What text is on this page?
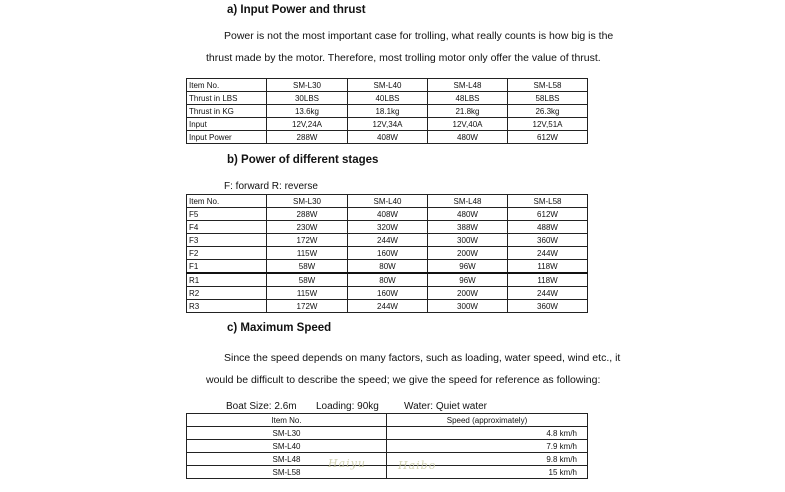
a) Input Power and thrust
Power is not the most important case for trolling, what really counts is how big is the
thrust made by the motor. Therefore, most trolling motor only offer the value of thrust.
Item No.	SM-L30	SM-L40	SM-L48	SM-L58
Thrust in LBS	30LBS	40LBS	48LBS	58LBS
Thrust in KG	13.6kg	18.1kg	21.8kg	26.3kg
Input	12V,24A	12V,34A	12V,40A	12V,51A
Input Power	288W	408W	480W	612W
b) Power of different stages
F: forward R: reverse
Item No.	SM-L30	SM-L40	SM-L48	SM-L58
F5	288W	408W	480W	612W
F4	230W	320W	388W	488W
F3	172W	244W	300W	360W
F2	115W	160W	200W	244W
F1	58W	80W	96W	118W
R1	58W	80W	96W	118W
R2	115W	160W	200W	244W
R3	172W	244W	300W	360W
c) Maximum Speed
Since the speed depends on many factors, such as loading, water speed, wind etc., it
would be difficult to describe the speed; we give the speed for reference as following:
Boat Size: 2.6m Loading: 90kg	Water: Quiet water
Item No.	Speed (approximately)
SM-L30	4.8 km/h
SM-L40	7.9 km/h
SM-L48	9.8 km/h
SM-L58	15 km/h
Haiyu	Haibo
